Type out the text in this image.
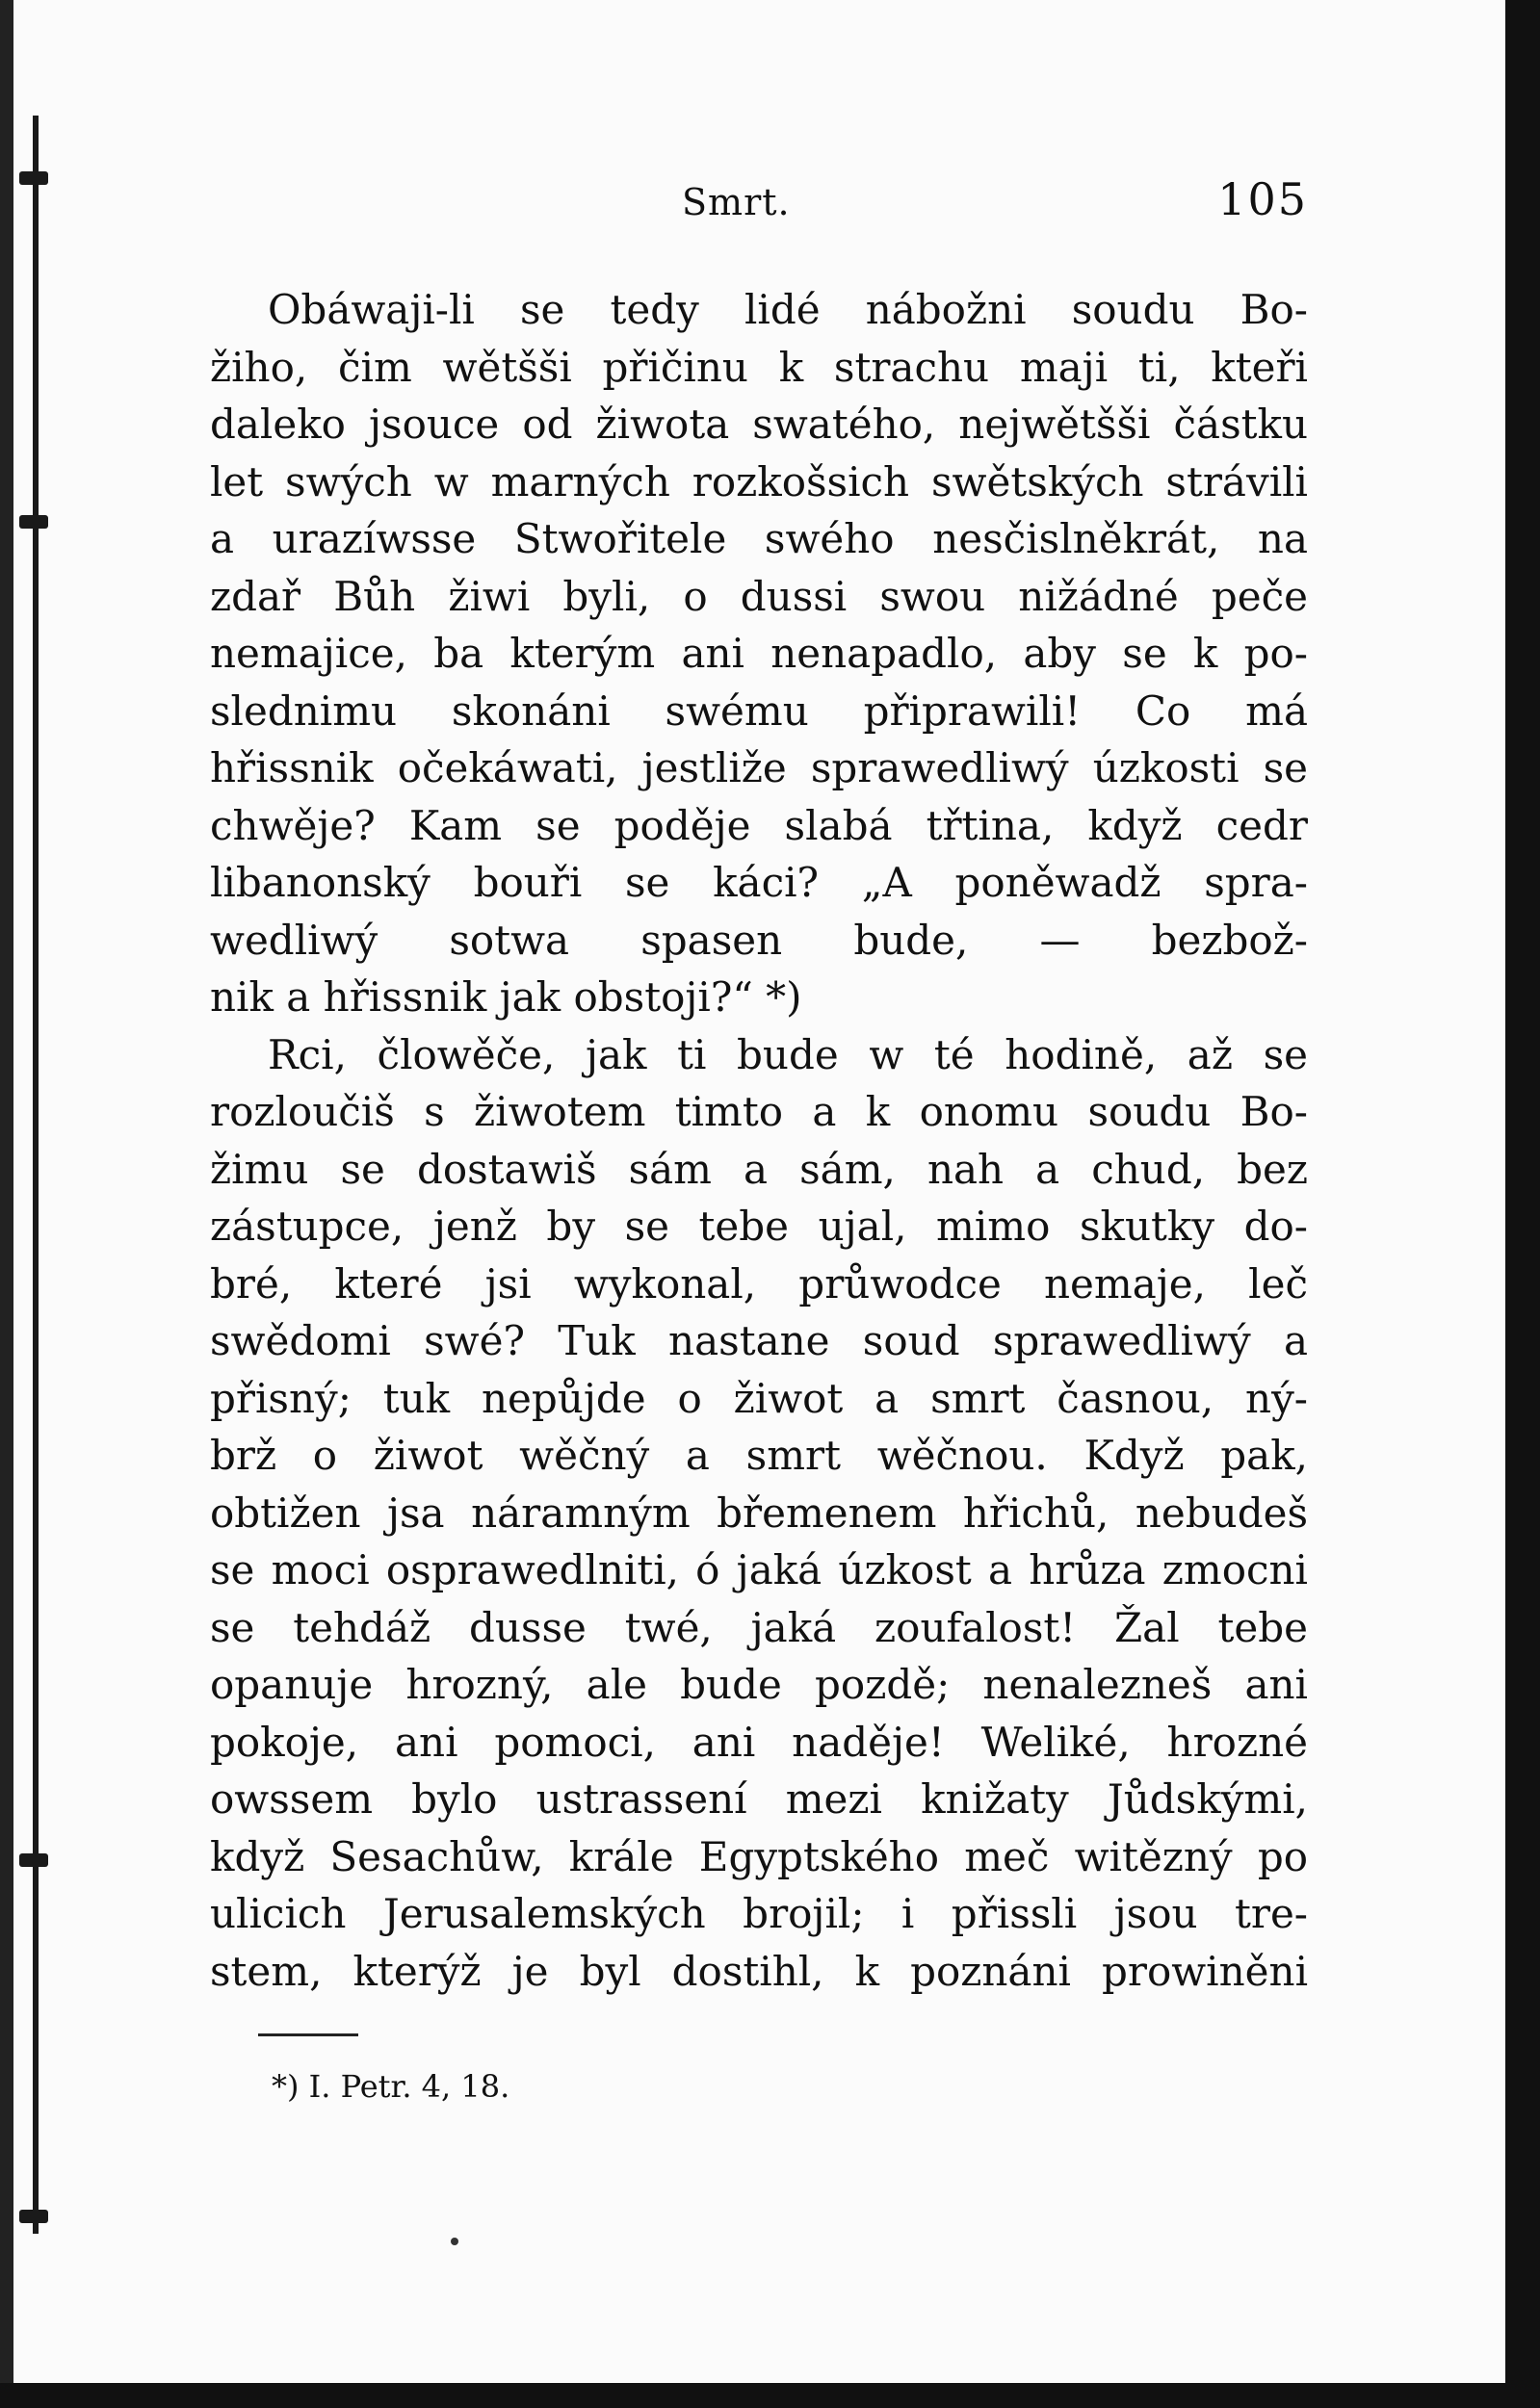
Smrt.	105
Obáwaji-li se tedy lidé nábožni soudu Bo-
žiho, čim wětšši přičinu k strachu maji ti, kteři
daleko jsouce od žiwota swatého, nejwětšši částku
let swých w marných rozkošsich swětských strávili
a urazíwsse Stwořitele swého nesčislněkrát, na
zdař Bůh žiwi byli, o dussi swou nižádné peče
nemajice, ba kterým ani nenapadlo, aby se k po-
slednimu skonáni swému připrawili! Co má
hřissnik očekáwati, jestliže sprawedliwý úzkosti se
chwěje? Kam se poděje slabá třtina, když cedr
libanonský bouři se káci? „A poněwadž spra-
wedliwý sotwa spasen bude, — bezbož-
nik a hřissnik jak obstoji?“ *)
Rci, člowěče, jak ti bude w té hodině, až se
rozloučiš s žiwotem timto a k onomu soudu Bo-
žimu se dostawiš sám a sám, nah a chud, bez
zástupce, jenž by se tebe ujal, mimo skutky do-
bré, které jsi wykonal, průwodce nemaje, leč
swědomi swé? Tuk nastane soud sprawedliwý a
přisný; tuk nepůjde o žiwot a smrt časnou, ný-
brž o žiwot wěčný a smrt wěčnou. Když pak,
obtižen jsa náramným břemenem hřichů, nebudeš
se moci ospraw​edlniti, ó jaká úzkost a hrůza zmocni
se tehdáž dusse twé, jaká zoufalost! Žal tebe
opanuje hrozný, ale bude pozdě; nenalezneš ani
pokoje, ani pomoci, ani naděje! Weliké, hrozné
owssem bylo ustrassení mezi knižaty Jůdskými,
když Sesachůw, krále Egyptského meč witězný po
ulicich Jerusalemských brojil; i přissli jsou tre-
stem, kterýž je byl dostihl, k poznáni prowiněni
*) I. Petr. 4, 18.
